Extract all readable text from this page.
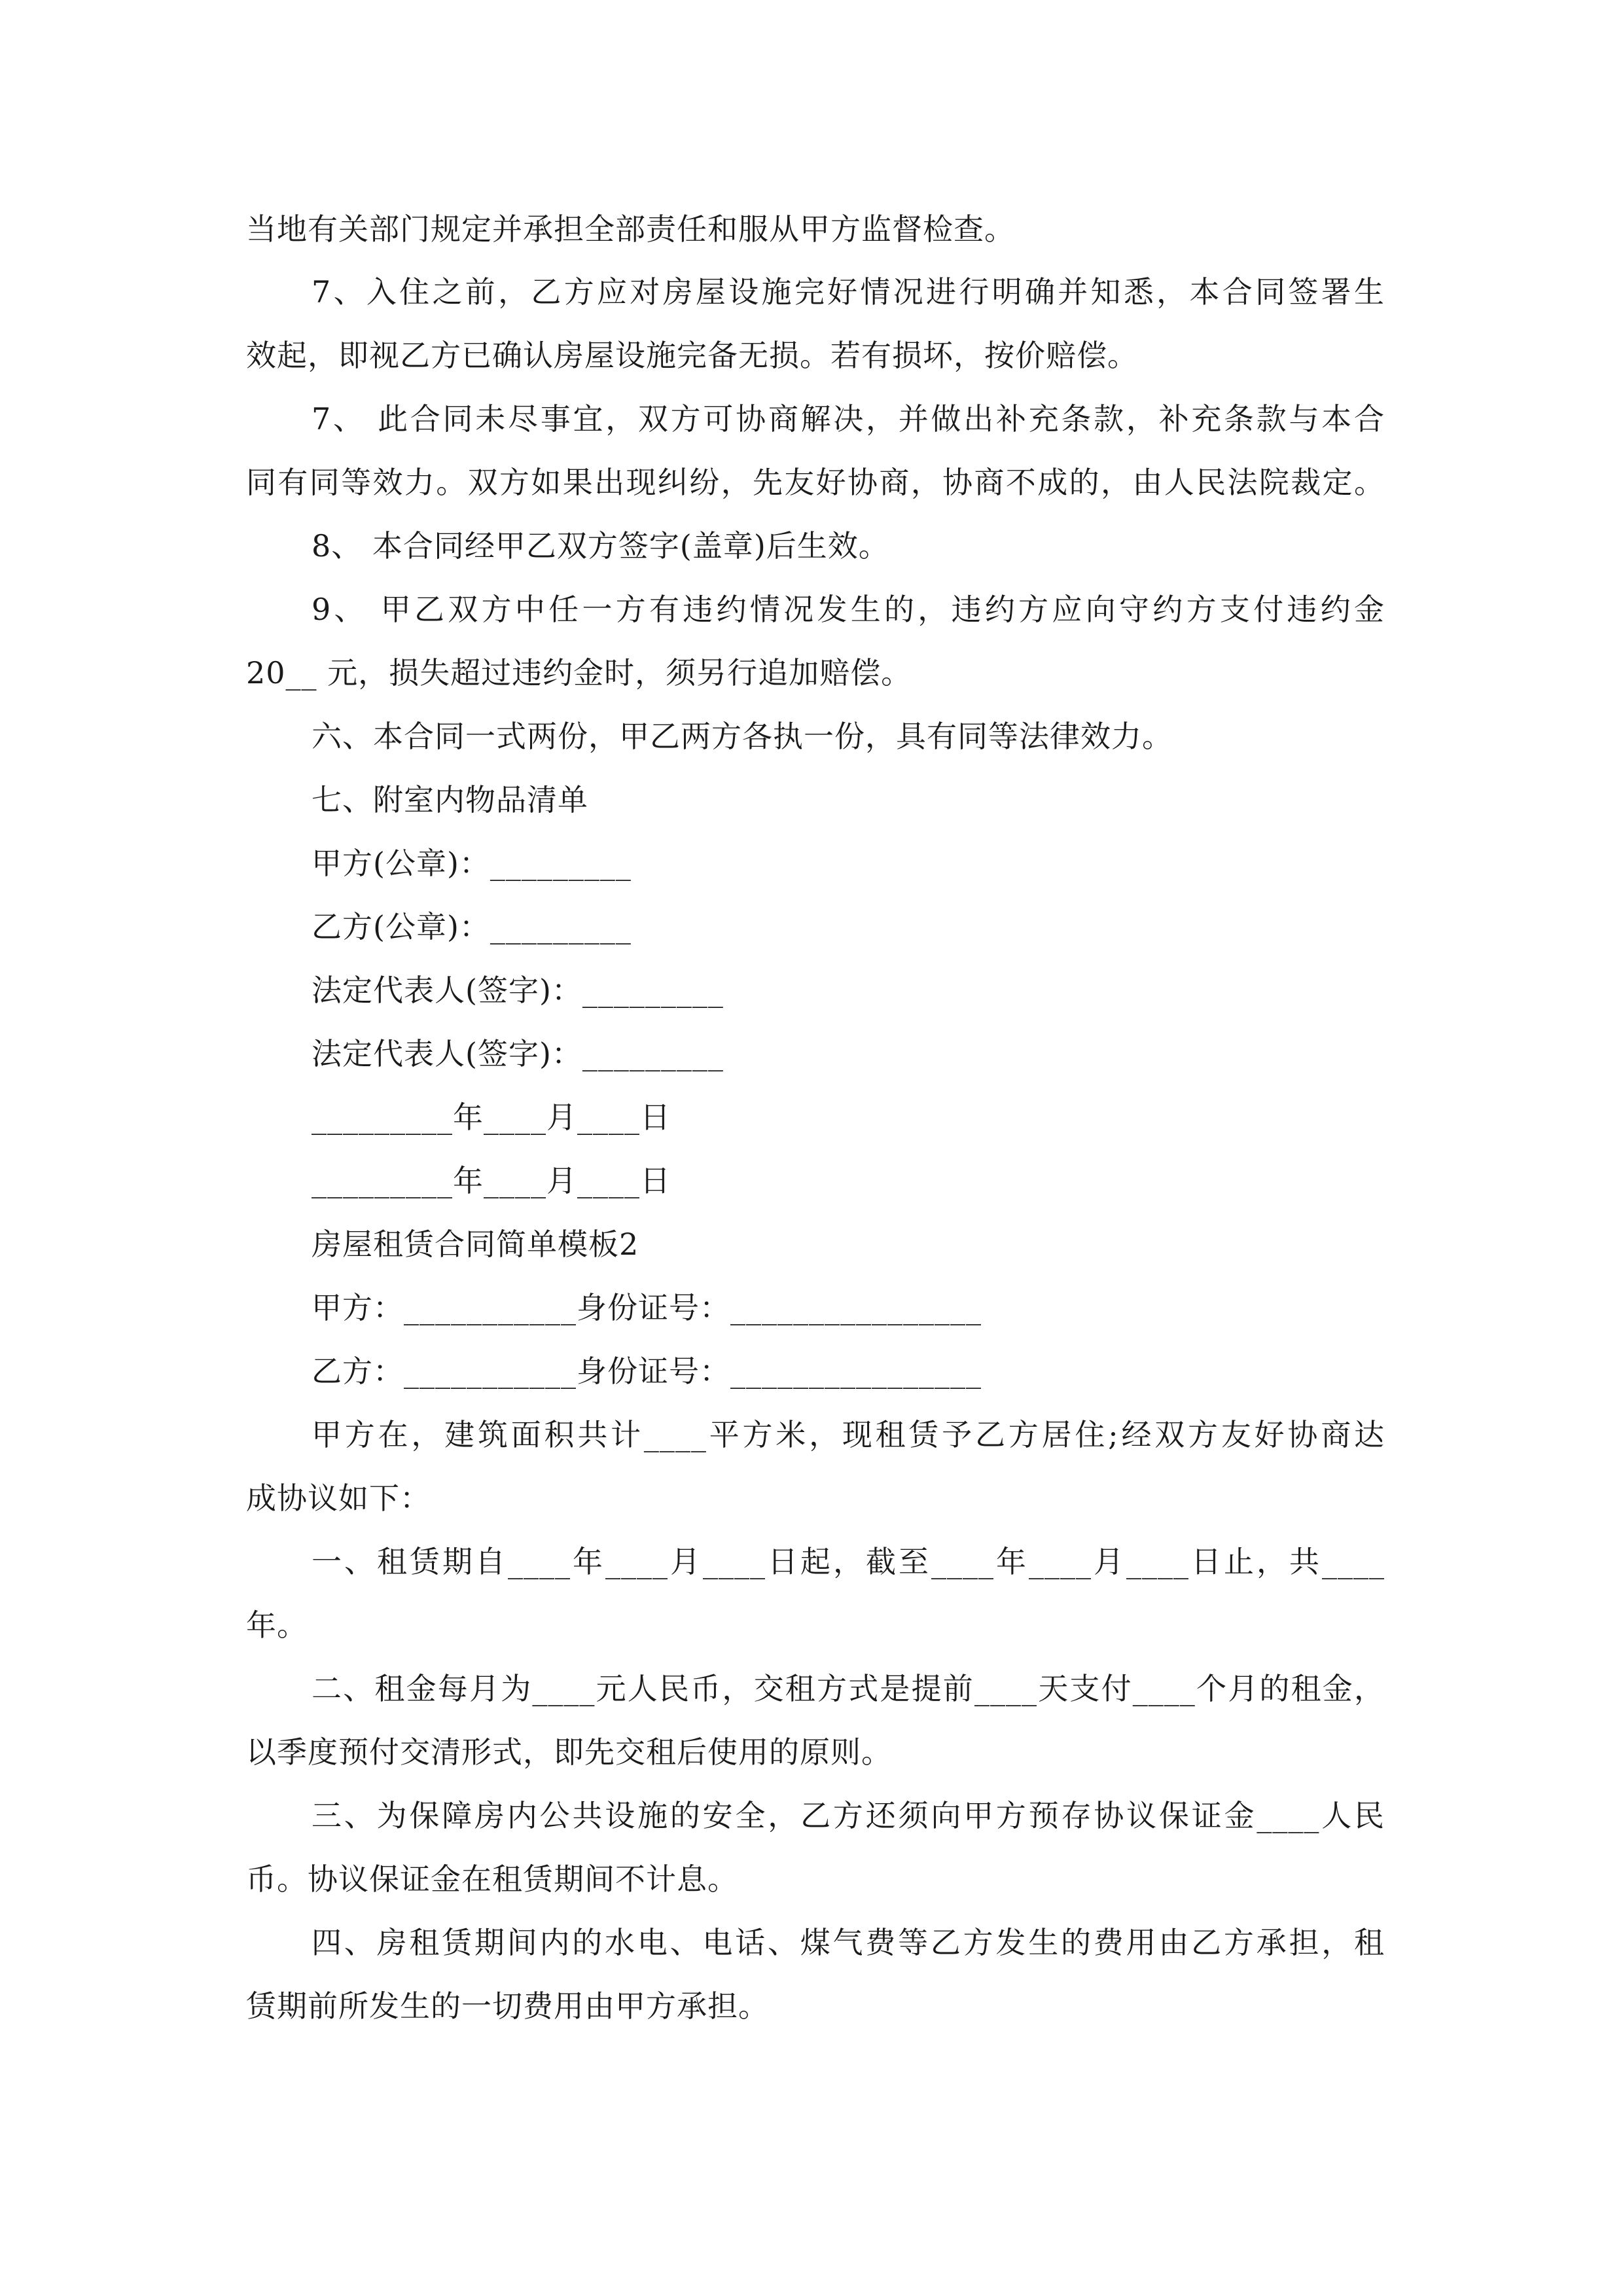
当地有关部门规定并承担全部责任和服从甲方监督检查。
7、入住之前，乙方应对房屋设施完好情况进行明确并知悉，本合同签署生
效起，即视乙方已确认房屋设施完备无损。若有损坏，按价赔偿。
7、 此合同未尽事宜，双方可协商解决，并做出补充条款，补充条款与本合
同有同等效力。双方如果出现纠纷，先友好协商，协商不成的，由人民法院裁定。
8、 本合同经甲乙双方签字(盖章)后生效。
9、 甲乙双方中任一方有违约情况发生的，违约方应向守约方支付违约金
20__ 元，损失超过违约金时，须另行追加赔偿。
六、本合同一式两份，甲乙两方各执一份，具有同等法律效力。
七、附室内物品清单
甲方(公章)：_________
乙方(公章)：_________
法定代表人(签字)：_________
法定代表人(签字)：_________
_________年____月____日
_________年____月____日
房屋租赁合同简单模板2
甲方：___________身份证号：________________
乙方：___________身份证号：________________
甲方在，建筑面积共计____平方米，现租赁予乙方居住;经双方友好协商达
成协议如下：
一、租赁期自____年____月____日起，截至____年____月____日止，共____
年。
二、租金每月为____元人民币，交租方式是提前____天支付____个月的租金，
以季度预付交清形式，即先交租后使用的原则。
三、为保障房内公共设施的安全，乙方还须向甲方预存协议保证金____人民
币。协议保证金在租赁期间不计息。
四、房租赁期间内的水电、电话、煤气费等乙方发生的费用由乙方承担，租
赁期前所发生的一切费用由甲方承担。
